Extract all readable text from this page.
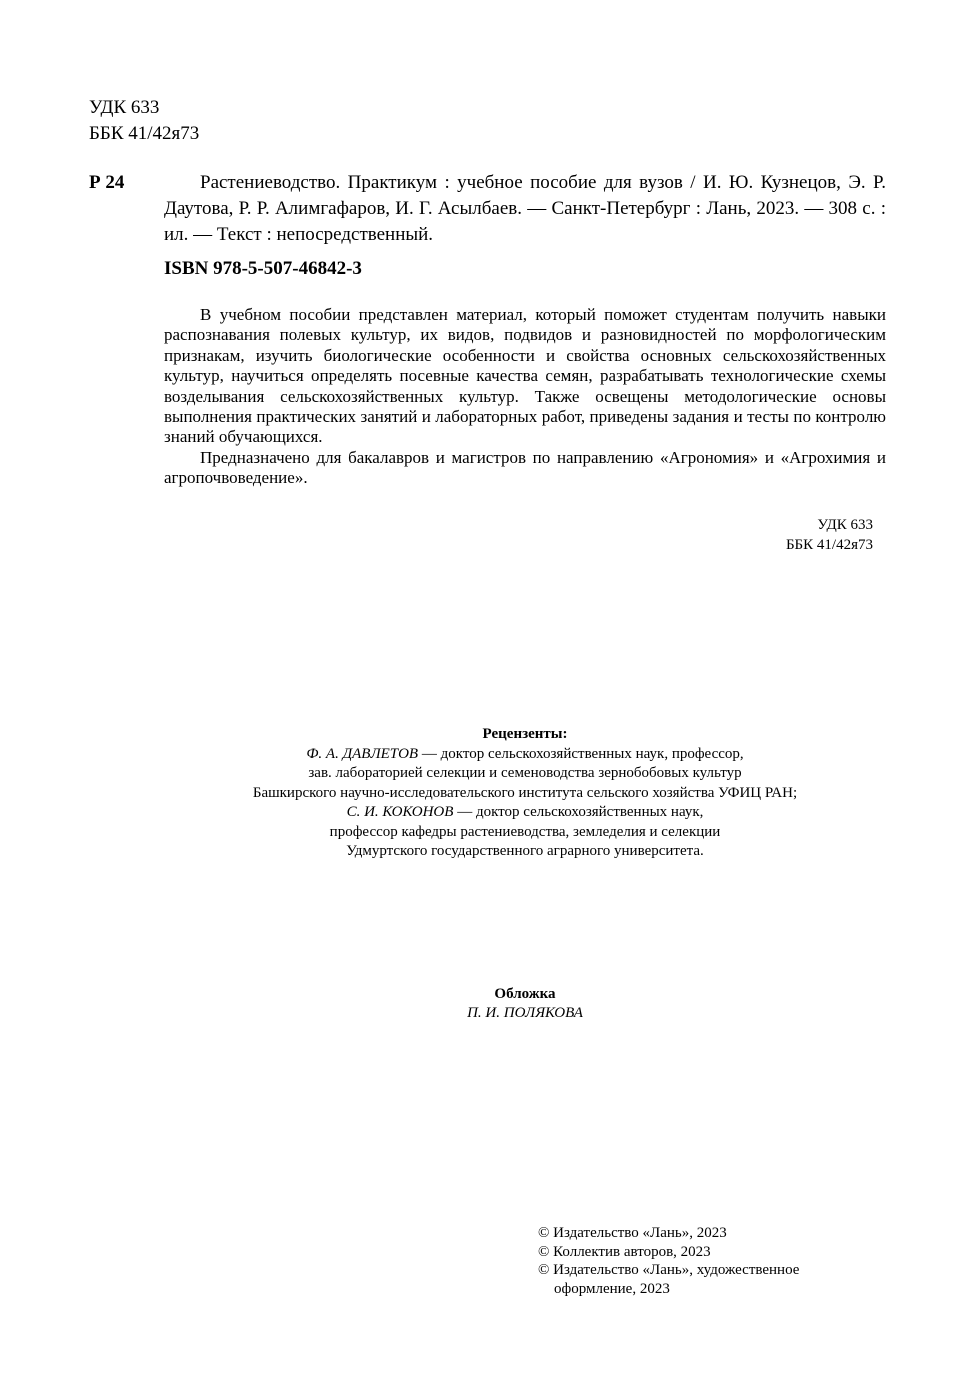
УДК 633
ББК 41/42я73
Р 24	Растениеводство. Практикум : учебное пособие для вузов / И. Ю. Кузнецов, Э. Р. Даутова, Р. Р. Алимгафаров, И. Г. Асылбаев. — Санкт-Петербург : Лань, 2023. — 308 с. : ил. — Текст : непосредственный.

ISBN 978-5-507-46842-3

В учебном пособии представлен материал, который поможет студентам получить навыки распознавания полевых культур, их видов, подвидов и разновидностей по морфологическим признакам, изучить биологические особенности и свойства основных сельскохозяйственных культур, научиться определять посевные качества семян, разрабатывать технологические схемы возделывания сельскохозяйственных культур. Также освещены методологические основы выполнения практических занятий и лабораторных работ, приведены задания и тесты по контролю знаний обучающихся.

Предназначено для бакалавров и магистров по направлению «Агрономия» и «Агрохимия и агропочвоведение».

УДК 633
ББК 41/42я73
Рецензенты:
Ф. А. ДАВЛЕТОВ — доктор сельскохозяйственных наук, профессор,
зав. лабораторией селекции и семеноводства зернобобовых культур
Башкирского научно-исследовательского института сельского хозяйства УФИЦ РАН;
С. И. КОКОНОВ — доктор сельскохозяйственных наук,
профессор кафедры растениеводства, земледелия и селекции
Удмуртского государственного аграрного университета.
Обложка
П. И. ПОЛЯКОВА
© Издательство «Лань», 2023
© Коллектив авторов, 2023
© Издательство «Лань», художественное оформление, 2023
